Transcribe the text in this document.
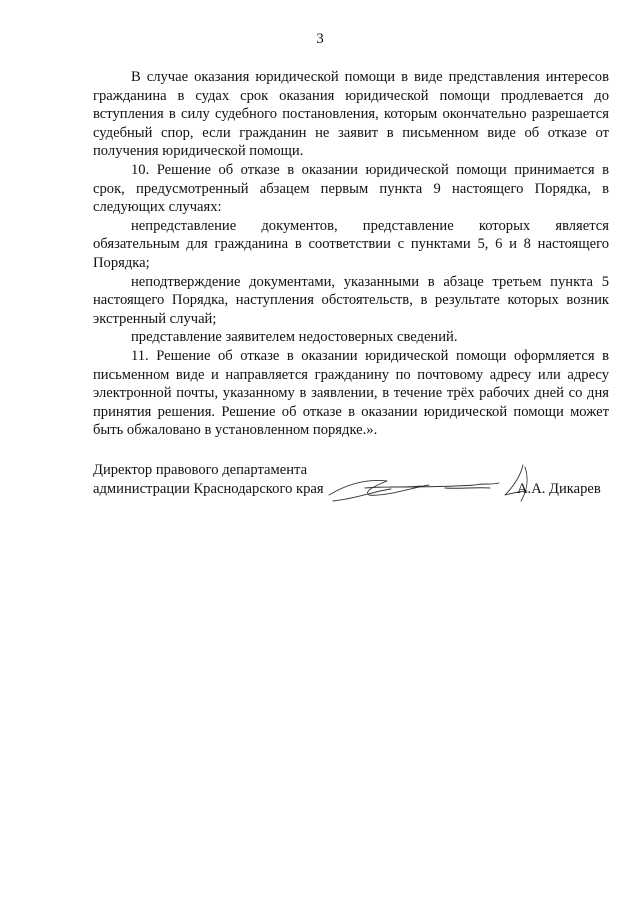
3

В случае оказания юридической помощи в виде представления интересов гражданина в судах срок оказания юридической помощи продлевается до вступления в силу судебного постановления, которым окончательно разрешается судебный спор, если гражданин не заявит в письменном виде об отказе от получения юридической помощи.

10. Решение об отказе в оказании юридической помощи принимается в срок, предусмотренный абзацем первым пункта 9 настоящего Порядка, в следующих случаях:

непредставление документов, представление которых является обязательным для гражданина в соответствии с пунктами 5, 6 и 8 настоящего Порядка;

неподтверждение документами, указанными в абзаце третьем пункта 5 настоящего Порядка, наступления обстоятельств, в результате которых возник экстренный случай;

представление заявителем недостоверных сведений.

11. Решение об отказе в оказании юридической помощи оформляется в письменном виде и направляется гражданину по почтовому адресу или адресу электронной почты, указанному в заявлении, в течение трёх рабочих дней со дня принятия решения. Решение об отказе в оказании юридической помощи может быть обжаловано в установленном порядке.».

Директор правового департамента
администрации Краснодарского края	А.А. Дикарев
